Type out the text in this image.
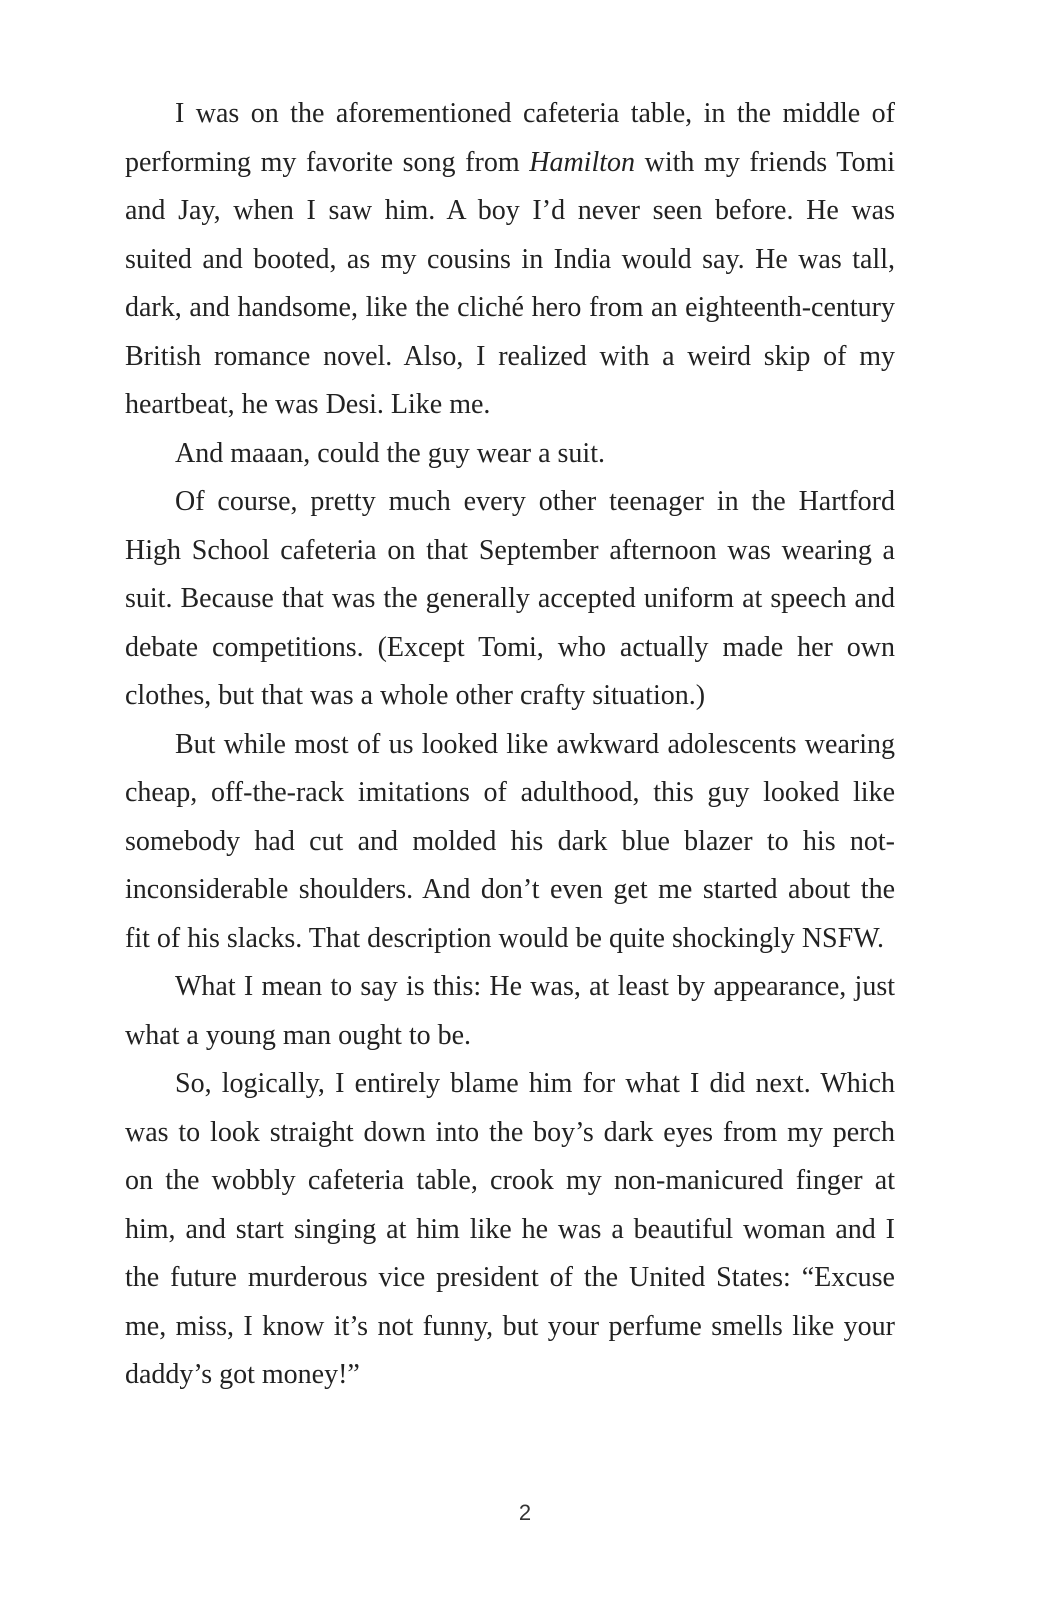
I was on the aforementioned cafeteria table, in the middle of performing my favorite song from Hamilton with my friends Tomi and Jay, when I saw him. A boy I’d never seen before. He was suited and booted, as my cousins in India would say. He was tall, dark, and handsome, like the cliché hero from an eighteenth-century British romance novel. Also, I realized with a weird skip of my heartbeat, he was Desi. Like me.

And maaan, could the guy wear a suit.

Of course, pretty much every other teenager in the Hartford High School cafeteria on that September afternoon was wearing a suit. Because that was the generally accepted uniform at speech and debate competitions. (Except Tomi, who actually made her own clothes, but that was a whole other crafty situation.)

But while most of us looked like awkward adolescents wearing cheap, off-the-rack imitations of adulthood, this guy looked like somebody had cut and molded his dark blue blazer to his not-inconsiderable shoulders. And don’t even get me started about the fit of his slacks. That description would be quite shockingly NSFW.

What I mean to say is this: He was, at least by appearance, just what a young man ought to be.

So, logically, I entirely blame him for what I did next. Which was to look straight down into the boy’s dark eyes from my perch on the wobbly cafeteria table, crook my non-manicured finger at him, and start singing at him like he was a beautiful woman and I the future murderous vice president of the United States: “Excuse me, miss, I know it’s not funny, but your perfume smells like your daddy’s got money!”

2
